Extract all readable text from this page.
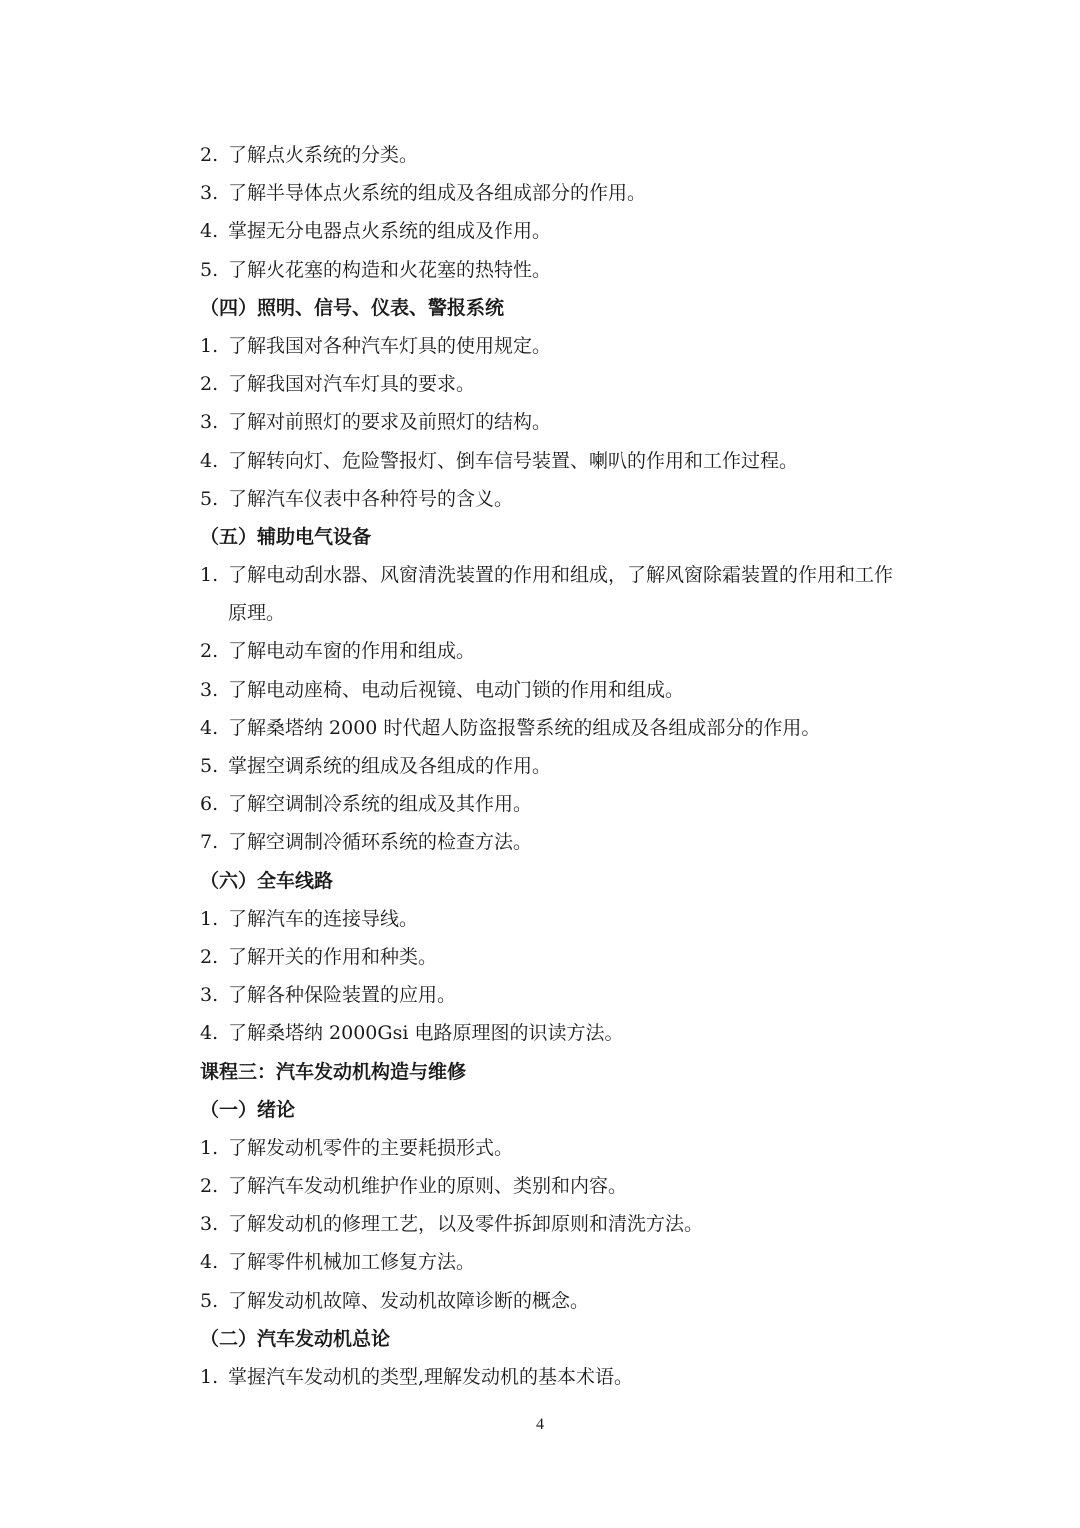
2. 了解点火系统的分类。
3. 了解半导体点火系统的组成及各组成部分的作用。
4. 掌握无分电器点火系统的组成及作用。
5. 了解火花塞的构造和火花塞的热特性。
（四）照明、信号、仪表、警报系统
1. 了解我国对各种汽车灯具的使用规定。
2. 了解我国对汽车灯具的要求。
3. 了解对前照灯的要求及前照灯的结构。
4. 了解转向灯、危险警报灯、倒车信号装置、喇叭的作用和工作过程。
5. 了解汽车仪表中各种符号的含义。
（五）辅助电气设备
1. 了解电动刮水器、风窗清洗装置的作用和组成，了解风窗除霜装置的作用和工作
原理。
2. 了解电动车窗的作用和组成。
3. 了解电动座椅、电动后视镜、电动门锁的作用和组成。
4. 了解桑塔纳 2000 时代超人防盗报警系统的组成及各组成部分的作用。
5. 掌握空调系统的组成及各组成的作用。
6. 了解空调制冷系统的组成及其作用。
7. 了解空调制冷循环系统的检查方法。
（六）全车线路
1. 了解汽车的连接导线。
2. 了解开关的作用和种类。
3. 了解各种保险装置的应用。
4. 了解桑塔纳 2000Gsi 电路原理图的识读方法。
课程三：汽车发动机构造与维修
（一）绪论
1. 了解发动机零件的主要耗损形式。
2. 了解汽车发动机维护作业的原则、类别和内容。
3. 了解发动机的修理工艺，以及零件拆卸原则和清洗方法。
4. 了解零件机械加工修复方法。
5. 了解发动机故障、发动机故障诊断的概念。
（二）汽车发动机总论
1. 掌握汽车发动机的类型,理解发动机的基本术语。
4
